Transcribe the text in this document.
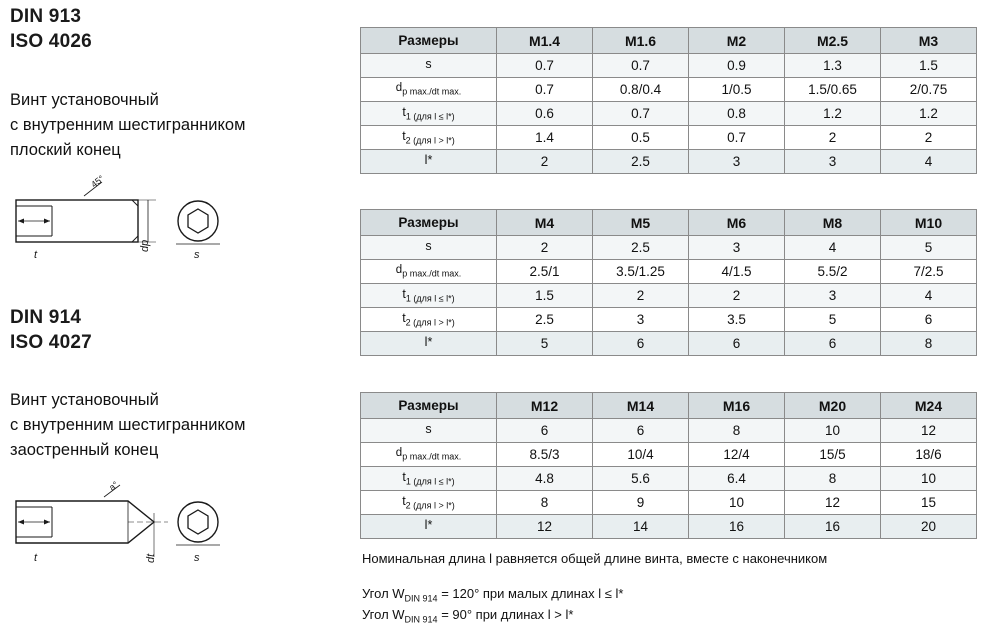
DIN 913
ISO 4026
Винт установочный
с внутренним шестигранником
плоский конец
45°
t
dp
s
DIN 914
ISO 4027
Винт установочный
с внутренним шестигранником
заостренный конец
a°
t	dt	s
Размеры	M1.4	M1.6	M2	M2.5	M3
s	0.7	0.7	0.9	1.3	1.5
$d_{p max./dt max.}$	0.7	0.8/0.4	1/0.5	1.5/0.65	2/0.75
$t_{1 (для l \le l*)}$	0.6	0.7	0.8	1.2	1.2
$t_{2 (для l > l*)}$	1.4	0.5	0.7	2	2
l*	2	2.5	3	3	4
Размеры	M4	M5	M6	M8	M10
s	2	2.5	3	4	5
$d_{p max./dt max.}$	2.5/1	3.5/1.25	4/1.5	5.5/2	7/2.5
$t_{1 (для l \le l*)}$	1.5	2	2	3	4
$t_{2 (для l > l*)}$	2.5	3	3.5	5	6
l*	5	6	6	6	8
Размеры	M12	M14	M16	M20	M24
s	6	6	8	10	12
$d_{p max./dt max.}$	8.5/3	10/4	12/4	15/5	18/6
$t_{1 (для l \le l*)}$	4.8	5.6	6.4	8	10
$t_{2 (для l > l*)}$	8	9	10	12	15
l*	12	14	16	16	20
Номинальная длина l равняется общей длине винта, вместе с наконечником
Угол $W_{DIN 914} = 120^\circ$ при малых длинах l ≤ l*
Угол $W_{DIN 914} = 90^\circ$ при длинах l > l*
